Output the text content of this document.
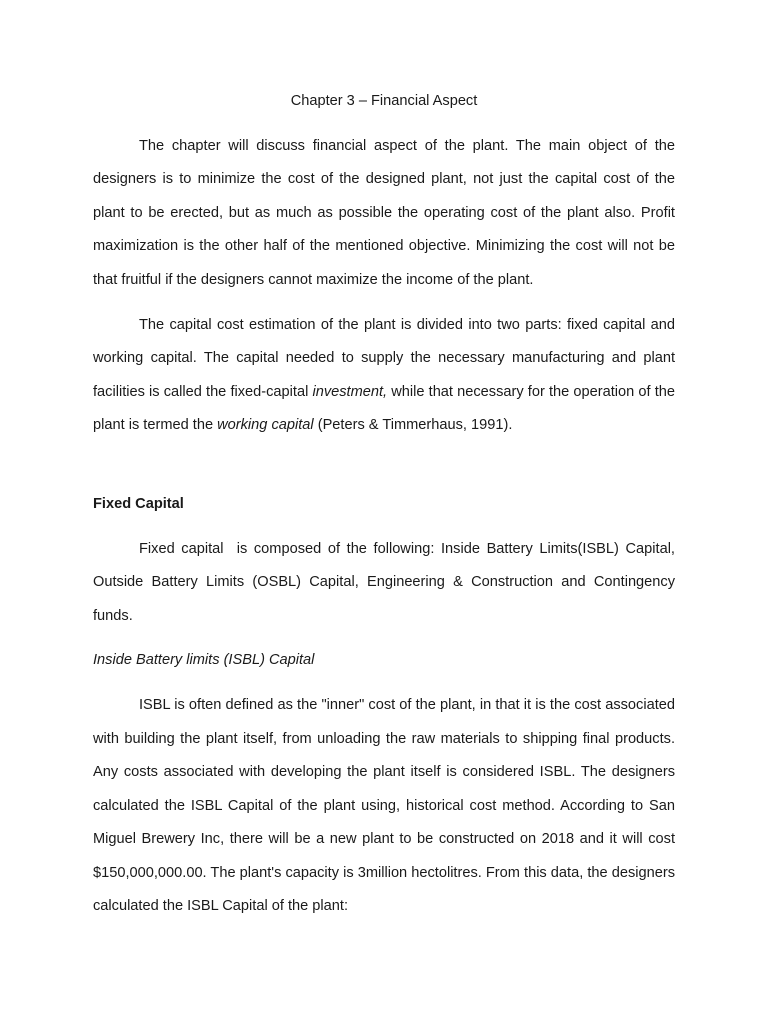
Chapter 3 – Financial Aspect

The chapter will discuss financial aspect of the plant. The main object of the designers is to minimize the cost of the designed plant, not just the capital cost of the plant to be erected, but as much as possible the operating cost of the plant also. Profit maximization is the other half of the mentioned objective. Minimizing the cost will not be that fruitful if the designers cannot maximize the income of the plant.

The capital cost estimation of the plant is divided into two parts: fixed capital and working capital. The capital needed to supply the necessary manufacturing and plant facilities is called the fixed-capital investment, while that necessary for the operation of the plant is termed the working capital (Peters & Timmerhaus, 1991).

Fixed Capital

Fixed capital  is composed of the following: Inside Battery Limits(ISBL) Capital, Outside Battery Limits (OSBL) Capital, Engineering & Construction and Contingency funds.

Inside Battery limits (ISBL) Capital

ISBL is often defined as the "inner" cost of the plant, in that it is the cost associated with building the plant itself, from unloading the raw materials to shipping final products. Any costs associated with developing the plant itself is considered ISBL. The designers calculated the ISBL Capital of the plant using, historical cost method. According to San Miguel Brewery Inc, there will be a new plant to be constructed on 2018 and it will cost $150,000,000.00. The plant's capacity is 3million hectolitres. From this data, the designers calculated the ISBL Capital of the plant:
